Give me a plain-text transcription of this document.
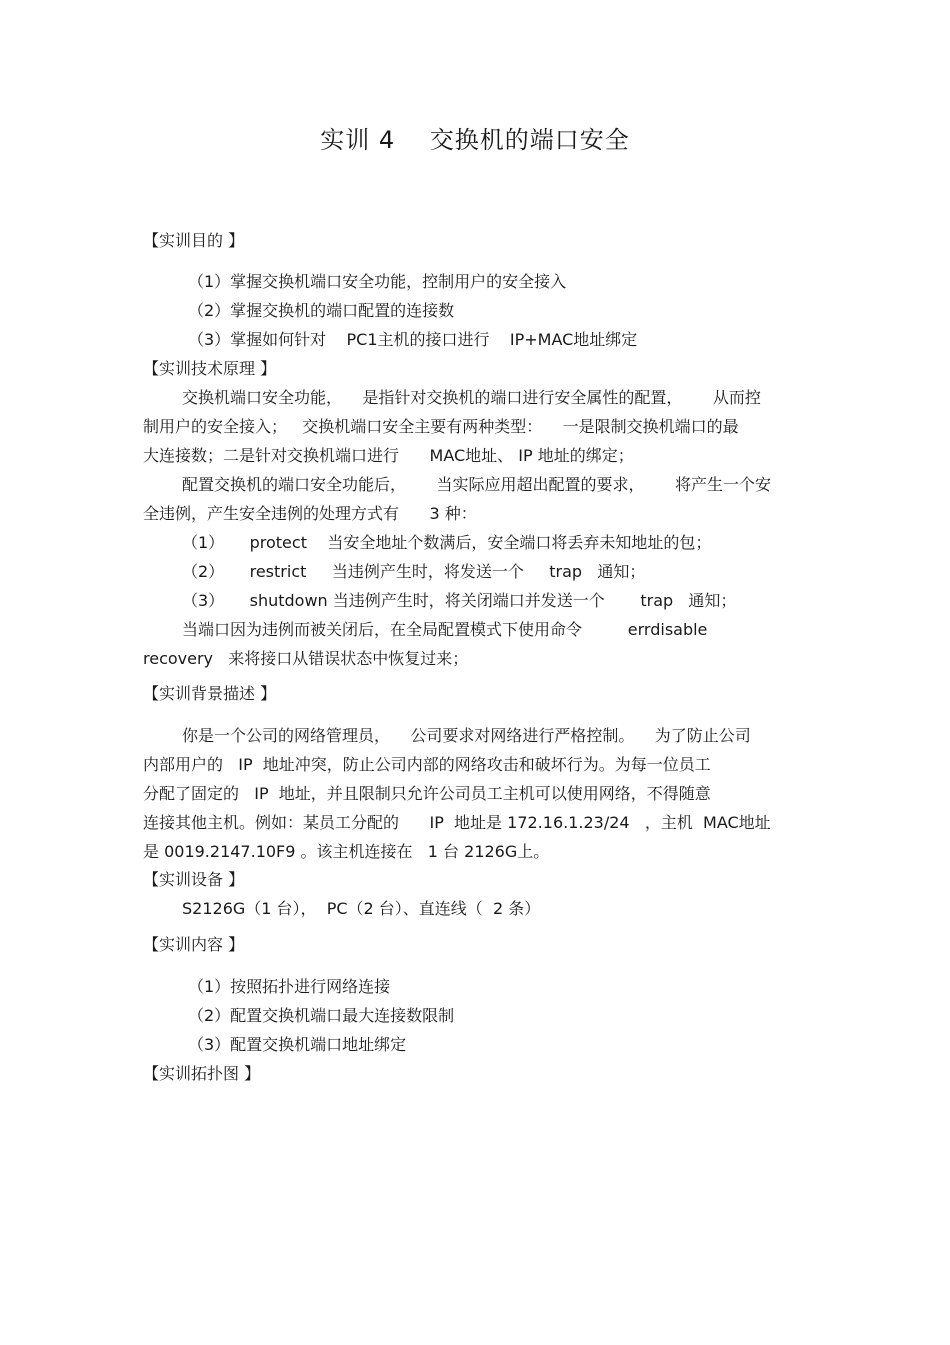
实训 4    交换机的端口安全
【实训目的 】
（1）掌握交换机端口安全功能，控制用户的安全接入
（2）掌握交换机的端口配置的连接数
（3）掌握如何针对    PC1主机的接口进行    IP+MAC地址绑定
【实训技术原理 】
交换机端口安全功能，    是指针对交换机的端口进行安全属性的配置，      从而控
制用户的安全接入；   交换机端口安全主要有两种类型：    一是限制交换机端口的最
大连接数；二是针对交换机端口进行      MAC地址、 IP 地址的绑定；
配置交换机的端口安全功能后，      当实际应用超出配置的要求，      将产生一个安
全违例，产生安全违例的处理方式有      3 种：
（1）     protect    当安全地址个数满后，安全端口将丢弃未知地址的包；
（2）     restrict     当违例产生时，将发送一个     trap   通知；
（3）     shutdown 当违例产生时，将关闭端口并发送一个       trap   通知；
当端口因为违例而被关闭后，在全局配置模式下使用命令         errdisable
recovery   来将接口从错误状态中恢复过来；
【实训背景描述 】
你是一个公司的网络管理员，    公司要求对网络进行严格控制。    为了防止公司
内部用户的   IP  地址冲突，防止公司内部的网络攻击和破坏行为。为每一位员工
分配了固定的   IP  地址，并且限制只允许公司员工主机可以使用网络，不得随意
连接其他主机。例如：某员工分配的      IP  地址是 172.16.1.23/24   ，主机  MAC地址
是 0019.2147.10F9 。该主机连接在   1 台 2126G上。
【实训设备 】
S2126G（1 台），  PC（2 台）、直连线（  2 条）
【实训内容 】
（1）按照拓扑进行网络连接
（2）配置交换机端口最大连接数限制
（3）配置交换机端口地址绑定
【实训拓扑图 】
